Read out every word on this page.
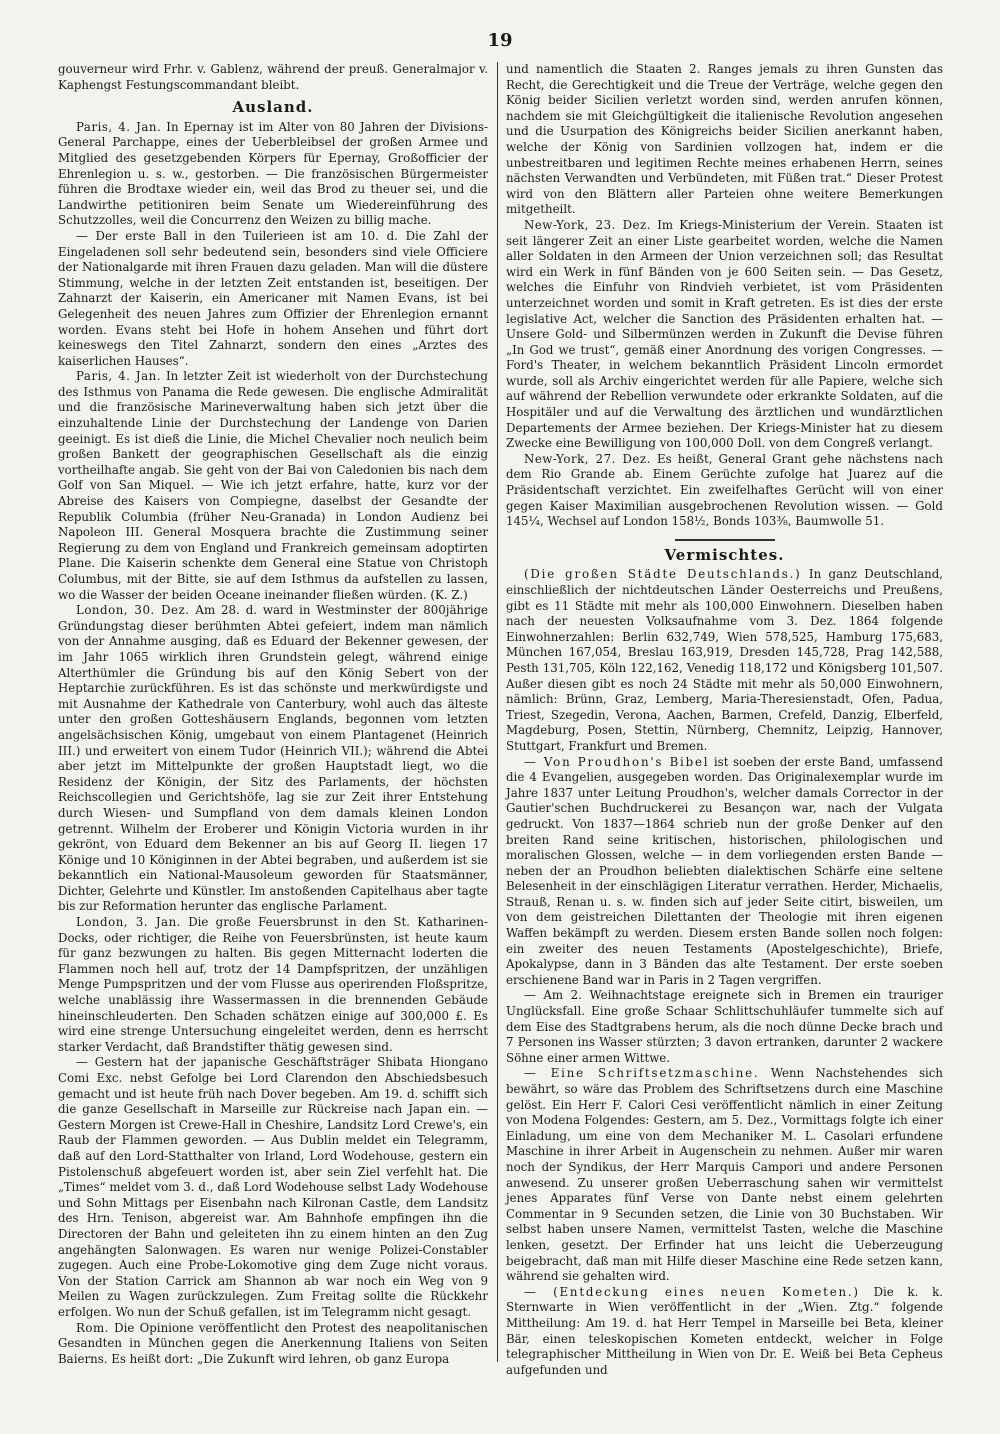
19

gouverneur wird Frhr. v. Gablenz, während der preuß. Generalmajor v. Kaphengst Festungscommandant bleibt.

Ausland.

Paris, 4. Jan. In Epernay ist im Alter von 80 Jahren der Divisions-General Parchappe, eines der Ueberbleibsel der großen Armee und Mitglied des gesetzgebenden Körpers für Epernay, Großofficier der Ehrenlegion u. s. w., gestorben. — Die französischen Bürgermeister führen die Brodtaxe wieder ein, weil das Brod zu theuer sei, und die Landwirthe petitioniren beim Senate um Wiedereinführung des Schutzzolles, weil die Concurrenz den Weizen zu billig mache.

— Der erste Ball in den Tuilerieen ist am 10. d. Die Zahl der Eingeladenen soll sehr bedeutend sein, besonders sind viele Officiere der Nationalgarde mit ihren Frauen dazu geladen. Man will die düstere Stimmung, welche in der letzten Zeit entstanden ist, beseitigen. Der Zahnarzt der Kaiserin, ein Americaner mit Namen Evans, ist bei Gelegenheit des neuen Jahres zum Offizier der Ehrenlegion ernannt worden. Evans steht bei Hofe in hohem Ansehen und führt dort keineswegs den Titel Zahnarzt, sondern den eines „Arztes des kaiserlichen Hauses“.

Paris, 4. Jan. In letzter Zeit ist wiederholt von der Durchstechung des Isthmus von Panama die Rede gewesen. Die englische Admiralität und die französische Marineverwaltung haben sich jetzt über die einzuhaltende Linie der Durchstechung der Landenge von Darien geeinigt. Es ist dieß die Linie, die Michel Chevalier noch neulich beim großen Bankett der geographischen Gesellschaft als die einzig vortheilhafte angab. Sie geht von der Bai von Caledonien bis nach dem Golf von San Miquel. — Wie ich jetzt erfahre, hatte, kurz vor der Abreise des Kaisers von Compiegne, daselbst der Gesandte der Republik Columbia (früher Neu-Granada) in London Audienz bei Napoleon III. General Mosquera brachte die Zustimmung seiner Regierung zu dem von England und Frankreich gemeinsam adoptirten Plane. Die Kaiserin schenkte dem General eine Statue von Christoph Columbus, mit der Bitte, sie auf dem Isthmus da aufstellen zu lassen, wo die Wasser der beiden Oceane ineinander fließen würden. (K. Z.)

London, 30. Dez. Am 28. d. ward in Westminster der 800jährige Gründungstag dieser berühmten Abtei gefeiert, indem man nämlich von der Annahme ausging, daß es Eduard der Bekenner gewesen, der im Jahr 1065 wirklich ihren Grundstein gelegt, während einige Alterthümler die Gründung bis auf den König Sebert von der Heptarchie zurückführen. Es ist das schönste und merkwürdigste und mit Ausnahme der Kathedrale von Canterbury, wohl auch das älteste unter den großen Gotteshäusern Englands, begonnen vom letzten angelsächsischen König, umgebaut von einem Plantagenet (Heinrich III.) und erweitert von einem Tudor (Heinrich VII.); während die Abtei aber jetzt im Mittelpunkte der großen Hauptstadt liegt, wo die Residenz der Königin, der Sitz des Parlaments, der höchsten Reichscollegien und Gerichtshöfe, lag sie zur Zeit ihrer Entstehung durch Wiesen- und Sumpfland von dem damals kleinen London getrennt. Wilhelm der Eroberer und Königin Victoria wurden in ihr gekrönt, von Eduard dem Bekenner an bis auf Georg II. liegen 17 Könige und 10 Königinnen in der Abtei begraben, und außerdem ist sie bekanntlich ein National-Mausoleum geworden für Staatsmänner, Dichter, Gelehrte und Künstler. Im anstoßenden Capitelhaus aber tagte bis zur Reformation herunter das englische Parlament.

London, 3. Jan. Die große Feuersbrunst in den St. Katharinen-Docks, oder richtiger, die Reihe von Feuersbrünsten, ist heute kaum für ganz bezwungen zu halten. Bis gegen Mitternacht loderten die Flammen noch hell auf, trotz der 14 Dampfspritzen, der unzähligen Menge Pumpspritzen und der vom Flusse aus operirenden Floßspritze, welche unablässig ihre Wassermassen in die brennenden Gebäude hineinschleuderten. Den Schaden schätzen einige auf 300,000 £. Es wird eine strenge Untersuchung eingeleitet werden, denn es herrscht starker Verdacht, daß Brandstifter thätig gewesen sind.

— Gestern hat der japanische Geschäftsträger Shibata Hiongano Comi Exc. nebst Gefolge bei Lord Clarendon den Abschiedsbesuch gemacht und ist heute früh nach Dover begeben. Am 19. d. schifft sich die ganze Gesellschaft in Marseille zur Rückreise nach Japan ein. — Gestern Morgen ist Crewe-Hall in Cheshire, Landsitz Lord Crewe's, ein Raub der Flammen geworden. — Aus Dublin meldet ein Telegramm, daß auf den Lord-Statthalter von Irland, Lord Wodehouse, gestern ein Pistolenschuß abgefeuert worden ist, aber sein Ziel verfehlt hat. Die „Times“ meldet vom 3. d., daß Lord Wodehouse selbst Lady Wodehouse und Sohn Mittags per Eisenbahn nach Kilronan Castle, dem Landsitz des Hrn. Tenison, abgereist war. Am Bahnhofe empfingen ihn die Directoren der Bahn und geleiteten ihn zu einem hinten an den Zug angehängten Salonwagen. Es waren nur wenige Polizei-Constabler zugegen. Auch eine Probe-Lokomotive ging dem Zuge nicht voraus. Von der Station Carrick am Shannon ab war noch ein Weg von 9 Meilen zu Wagen zurückzulegen. Zum Freitag sollte die Rückkehr erfolgen. Wo nun der Schuß gefallen, ist im Telegramm nicht gesagt.

Rom. Die Opinione veröffentlicht den Protest des neapolitanischen Gesandten in München gegen die Anerkennung Italiens von Seiten Baierns. Es heißt dort: „Die Zukunft wird lehren, ob ganz Europa

und namentlich die Staaten 2. Ranges jemals zu ihren Gunsten das Recht, die Gerechtigkeit und die Treue der Verträge, welche gegen den König beider Sicilien verletzt worden sind, werden anrufen können, nachdem sie mit Gleichgültigkeit die italienische Revolution angesehen und die Usurpation des Königreichs beider Sicilien anerkannt haben, welche der König von Sardinien vollzogen hat, indem er die unbestreitbaren und legitimen Rechte meines erhabenen Herrn, seines nächsten Verwandten und Verbündeten, mit Füßen trat.“ Dieser Protest wird von den Blättern aller Parteien ohne weitere Bemerkungen mitgetheilt.

New-York, 23. Dez. Im Kriegs-Ministerium der Verein. Staaten ist seit längerer Zeit an einer Liste gearbeitet worden, welche die Namen aller Soldaten in den Armeen der Union verzeichnen soll; das Resultat wird ein Werk in fünf Bänden von je 600 Seiten sein. — Das Gesetz, welches die Einfuhr von Rindvieh verbietet, ist vom Präsidenten unterzeichnet worden und somit in Kraft getreten. Es ist dies der erste legislative Act, welcher die Sanction des Präsidenten erhalten hat. — Unsere Gold- und Silbermünzen werden in Zukunft die Devise führen „In God we trust“, gemäß einer Anordnung des vorigen Congresses. — Ford's Theater, in welchem bekanntlich Präsident Lincoln ermordet wurde, soll als Archiv eingerichtet werden für alle Papiere, welche sich auf während der Rebellion verwundete oder erkrankte Soldaten, auf die Hospitäler und auf die Verwaltung des ärztlichen und wundärztlichen Departements der Armee beziehen. Der Kriegs-Minister hat zu diesem Zwecke eine Bewilligung von 100,000 Doll. von dem Congreß verlangt.

New-York, 27. Dez. Es heißt, General Grant gehe nächstens nach dem Rio Grande ab. Einem Gerüchte zufolge hat Juarez auf die Präsidentschaft verzichtet. Ein zweifelhaftes Gerücht will von einer gegen Kaiser Maximilian ausgebrochenen Revolution wissen. — Gold 145¼, Wechsel auf London 158½, Bonds 103⅜, Baumwolle 51.

Vermischtes.

(Die großen Städte Deutschlands.) In ganz Deutschland, einschließlich der nichtdeutschen Länder Oesterreichs und Preußens, gibt es 11 Städte mit mehr als 100,000 Einwohnern. Dieselben haben nach der neuesten Volksaufnahme vom 3. Dez. 1864 folgende Einwohnerzahlen: Berlin 632,749, Wien 578,525, Hamburg 175,683, München 167,054, Breslau 163,919, Dresden 145,728, Prag 142,588, Pesth 131,705, Köln 122,162, Venedig 118,172 und Königsberg 101,507. Außer diesen gibt es noch 24 Städte mit mehr als 50,000 Einwohnern, nämlich: Brünn, Graz, Lemberg, Maria-Theresienstadt, Ofen, Padua, Triest, Szegedin, Verona, Aachen, Barmen, Crefeld, Danzig, Elberfeld, Magdeburg, Posen, Stettin, Nürnberg, Chemnitz, Leipzig, Hannover, Stuttgart, Frankfurt und Bremen.

— Von Proudhon's Bibel ist soeben der erste Band, umfassend die 4 Evangelien, ausgegeben worden. Das Originalexemplar wurde im Jahre 1837 unter Leitung Proudhon's, welcher damals Corrector in der Gautier'schen Buchdruckerei zu Besançon war, nach der Vulgata gedruckt. Von 1837—1864 schrieb nun der große Denker auf den breiten Rand seine kritischen, historischen, philologischen und moralischen Glossen, welche — in dem vorliegenden ersten Bande — neben der an Proudhon beliebten dialektischen Schärfe eine seltene Belesenheit in der einschlägigen Literatur verrathen. Herder, Michaelis, Strauß, Renan u. s. w. finden sich auf jeder Seite citirt, bisweilen, um von dem geistreichen Dilettanten der Theologie mit ihren eigenen Waffen bekämpft zu werden. Diesem ersten Bande sollen noch folgen: ein zweiter des neuen Testaments (Apostelgeschichte), Briefe, Apokalypse, dann in 3 Bänden das alte Testament. Der erste soeben erschienene Band war in Paris in 2 Tagen vergriffen.

— Am 2. Weihnachtstage ereignete sich in Bremen ein trauriger Unglücksfall. Eine große Schaar Schlittschuhläufer tummelte sich auf dem Eise des Stadtgrabens herum, als die noch dünne Decke brach und 7 Personen ins Wasser stürzten; 3 davon ertranken, darunter 2 wackere Söhne einer armen Wittwe.

— Eine Schriftsetzmaschine. Wenn Nachstehendes sich bewährt, so wäre das Problem des Schriftsetzens durch eine Maschine gelöst. Ein Herr F. Calori Cesi veröffentlicht nämlich in einer Zeitung von Modena Folgendes: Gestern, am 5. Dez., Vormittags folgte ich einer Einladung, um eine von dem Mechaniker M. L. Casolari erfundene Maschine in ihrer Arbeit in Augenschein zu nehmen. Außer mir waren noch der Syndikus, der Herr Marquis Campori und andere Personen anwesend. Zu unserer großen Ueberraschung sahen wir vermittelst jenes Apparates fünf Verse von Dante nebst einem gelehrten Commentar in 9 Secunden setzen, die Linie von 30 Buchstaben. Wir selbst haben unsere Namen, vermittelst Tasten, welche die Maschine lenken, gesetzt. Der Erfinder hat uns leicht die Ueberzeugung beigebracht, daß man mit Hilfe dieser Maschine eine Rede setzen kann, während sie gehalten wird.

— (Entdeckung eines neuen Kometen.) Die k. k. Sternwarte in Wien veröffentlicht in der „Wien. Ztg.“ folgende Mittheilung: Am 19. d. hat Herr Tempel in Marseille bei Beta, kleiner Bär, einen teleskopischen Kometen entdeckt, welcher in Folge telegraphischer Mittheilung in Wien von Dr. E. Weiß bei Beta Cepheus aufgefunden und
